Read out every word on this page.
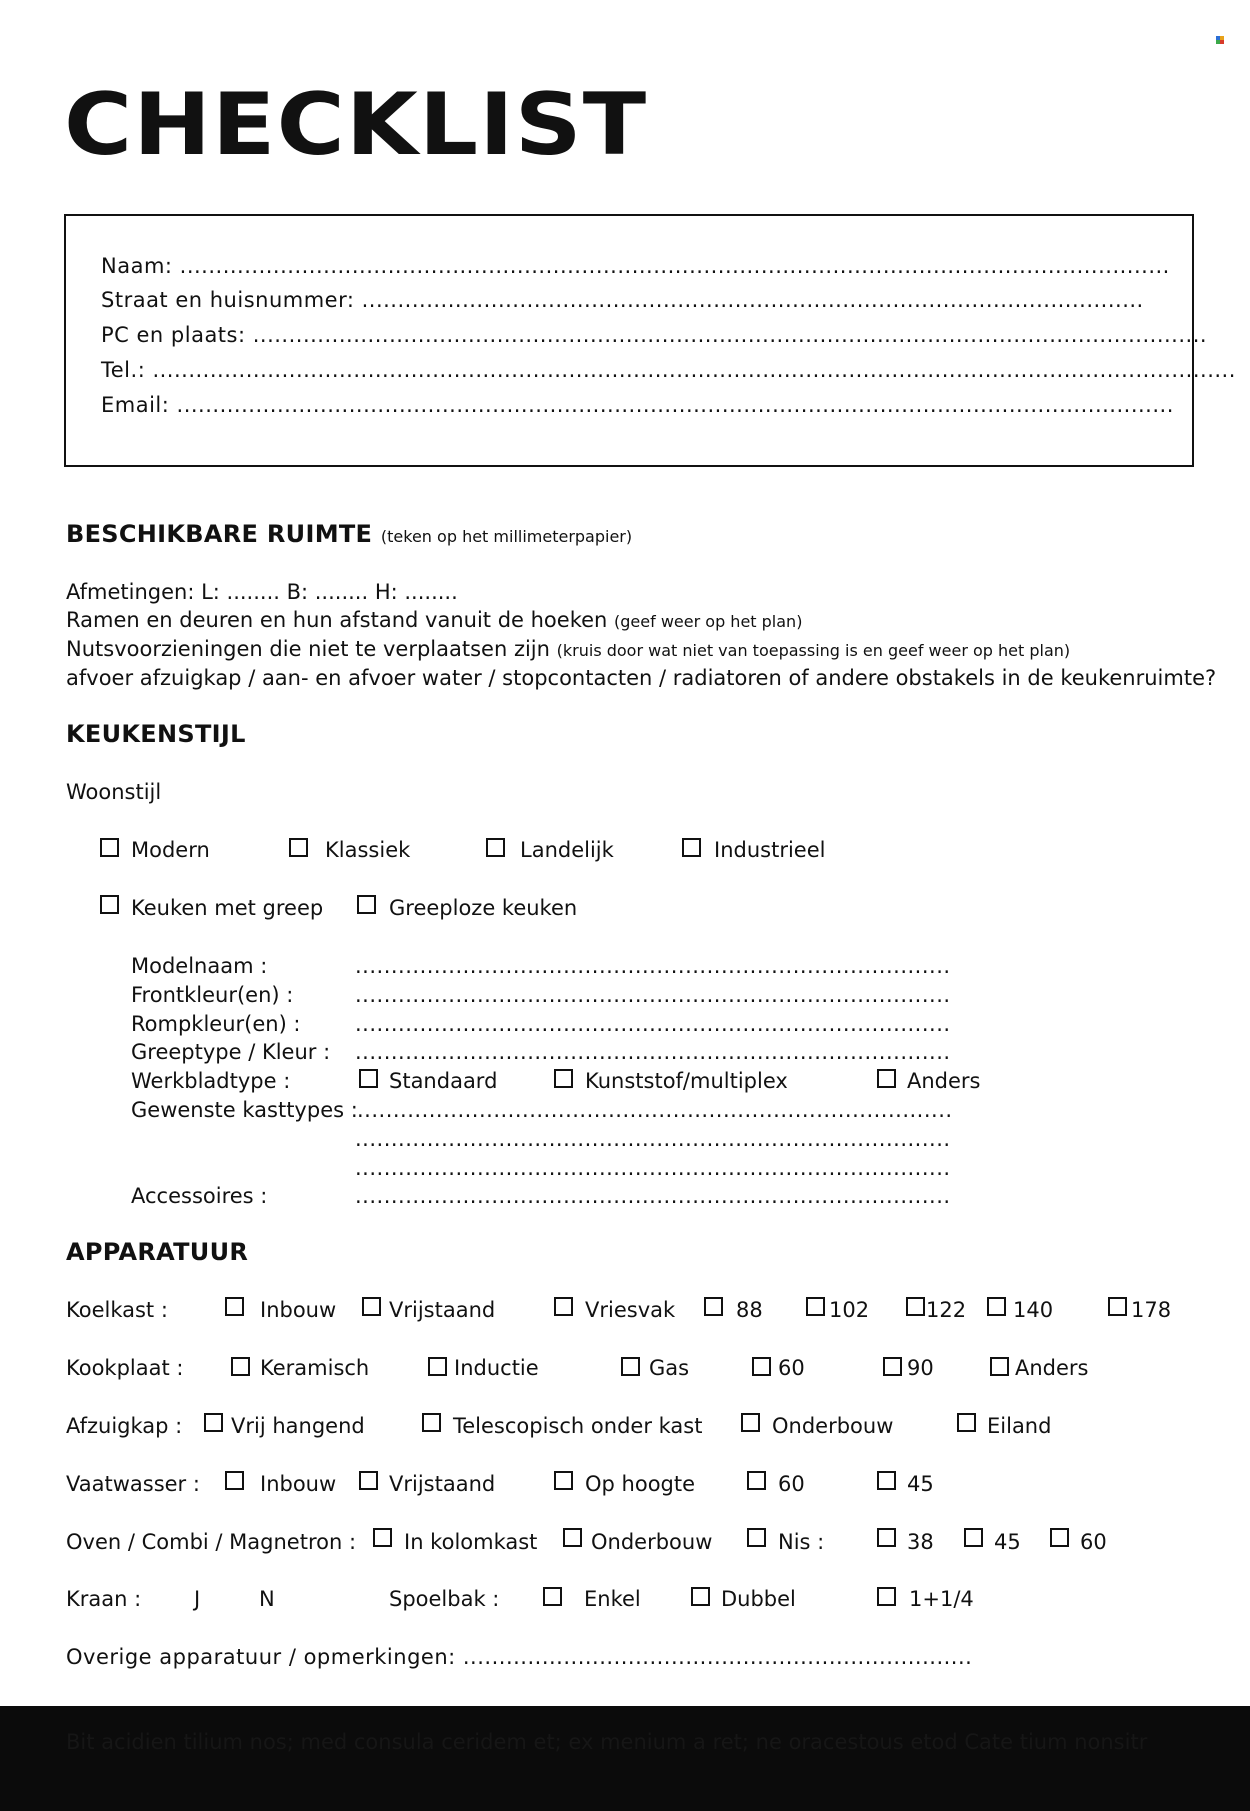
CHECKLIST
Naam: ..........................................................................................................................................
Straat en huisnummer: .............................................................................................................
PC en plaats: .....................................................................................................................................
Tel.: .......................................................................................................................................................
Email: ...........................................................................................................................................
BESCHIKBARE RUIMTE (teken op het millimeterpapier)
Afmetingen: L: ........ B: ........ H: ........
Ramen en deuren en hun afstand vanuit de hoeken (geef weer op het plan)
Nutsvoorzieningen die niet te verplaatsen zijn (kruis door wat niet van toepassing is en geef weer op het plan)
afvoer afzuigkap / aan- en afvoer water / stopcontacten / radiatoren of andere obstakels in de keukenruimte?
KEUKENSTIJL
Woonstijl
Modern	Klassiek	Landelijk	Industrieel
Keuken met greep	Greeploze keuken
Modelnaam :	...................................................................................
Frontkleur(en) :	...................................................................................
Rompkleur(en) :	...................................................................................
Greeptype / Kleur : ...................................................................................
Werkbladtype :	Standaard	Kunststof/multiplex	Anders
Gewenste kasttypes : ...................................................................................
...................................................................................
...................................................................................
Accessoires :	...................................................................................
APPARATUUR
Koelkast :	Inbouw	Vrijstaand	Vriesvak	88	102	122 140	178
Kookplaat :	Keramisch	Inductie	Gas	60	90	Anders
Afzuigkap : Vrij hangend	Telescopisch onder kast	Onderbouw	Eiland
Vaatwasser :	Inbouw	Vrijstaand	Op hoogte	60	45
Oven / Combi / Magnetron : In kolomkast	Onderbouw	Nis :	38	45	60
Kraan :	J	N	Spoelbak :	Enkel	Dubbel	1+1/4
Overige apparatuur / opmerkingen: .......................................................................
Bit acidien tilium nos; med consula ceridem et; ex menium a ret; ne oracestous etod Cate tium nonsitr
